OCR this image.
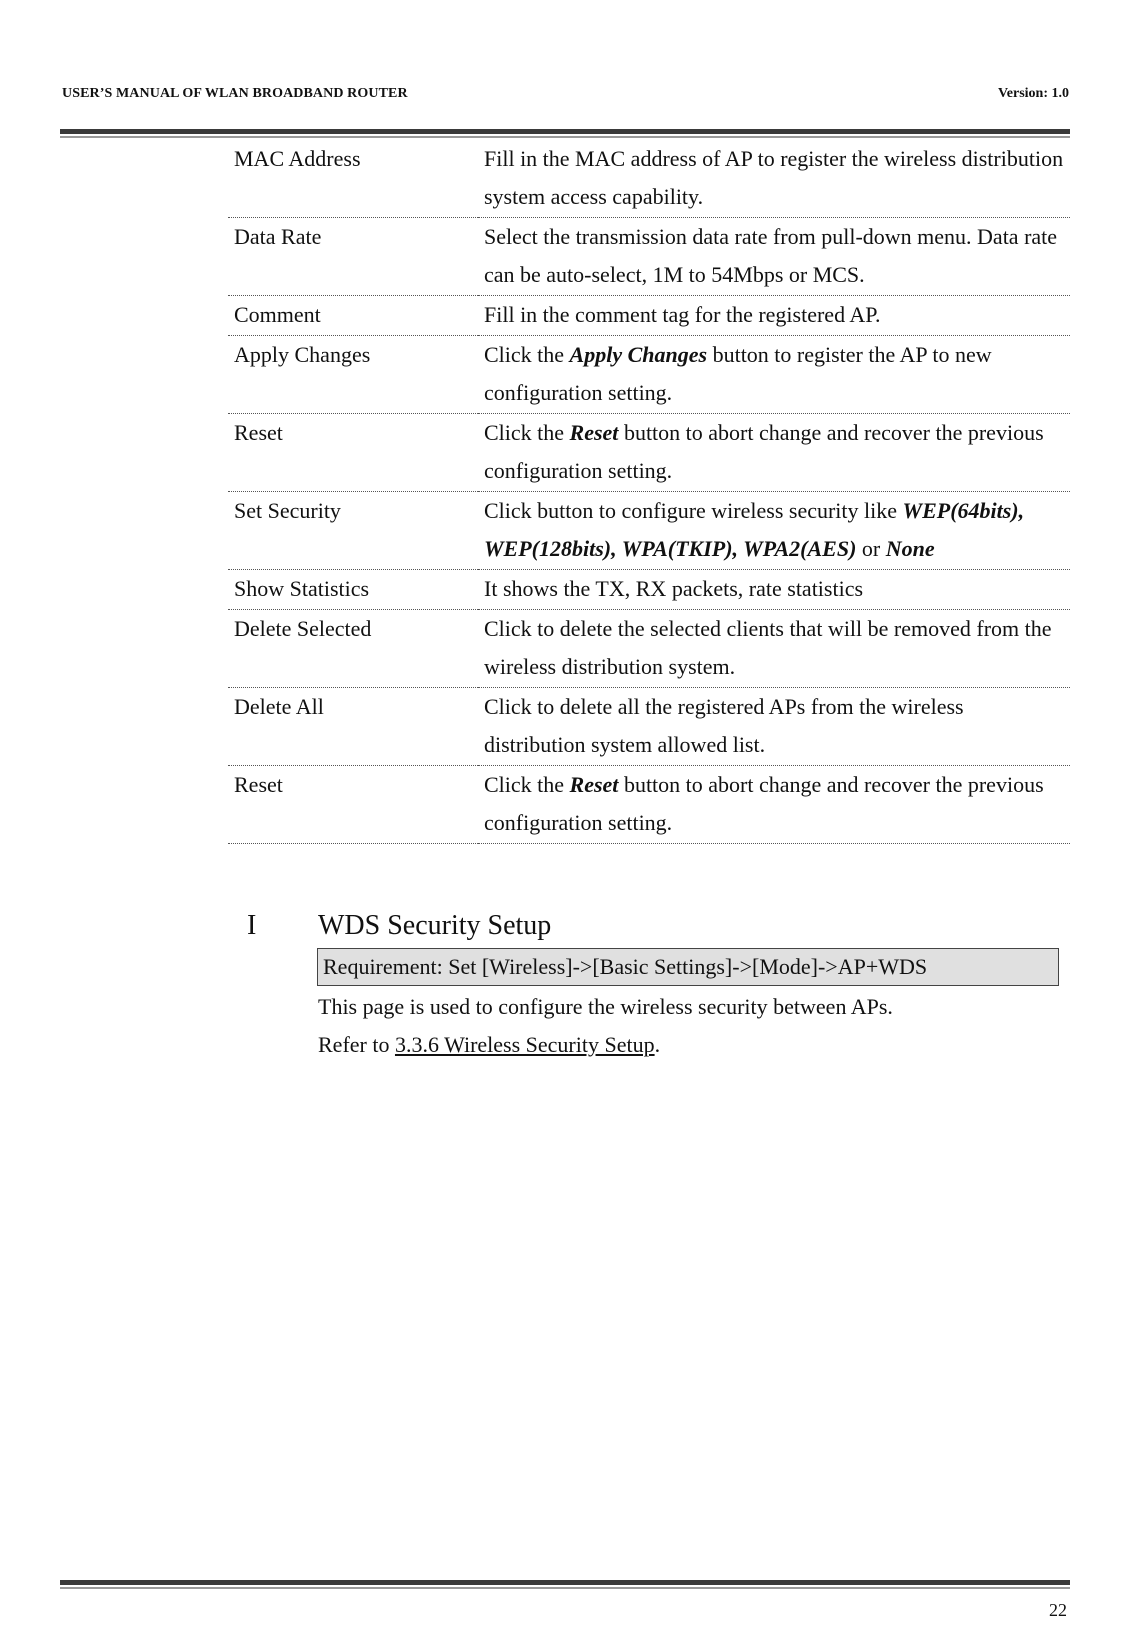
USER’S MANUAL OF WLAN BROADBAND ROUTER	Version: 1.0
MAC Address	Fill in the MAC address of AP to register the wireless distribution system access capability.
Data Rate	Select the transmission data rate from pull-down menu. Data rate can be auto-select, 1M to 54Mbps or MCS.
Comment	Fill in the comment tag for the registered AP.
Apply Changes	Click the Apply Changes button to register the AP to new configuration setting.
Reset	Click the Reset button to abort change and recover the previous configuration setting.
Set Security	Click button to configure wireless security like WEP(64bits), WEP(128bits), WPA(TKIP), WPA2(AES) or None
Show Statistics	It shows the TX, RX packets, rate statistics
Delete Selected	Click to delete the selected clients that will be removed from the wireless distribution system.
Delete All	Click to delete all the registered APs from the wireless distribution system allowed list.
Reset	Click the Reset button to abort change and recover the previous configuration setting.
I WDS Security Setup
Requirement: Set [Wireless]->[Basic Settings]->[Mode]->AP+WDS
This page is used to configure the wireless security between APs.
Refer to 3.3.6 Wireless Security Setup.
22
